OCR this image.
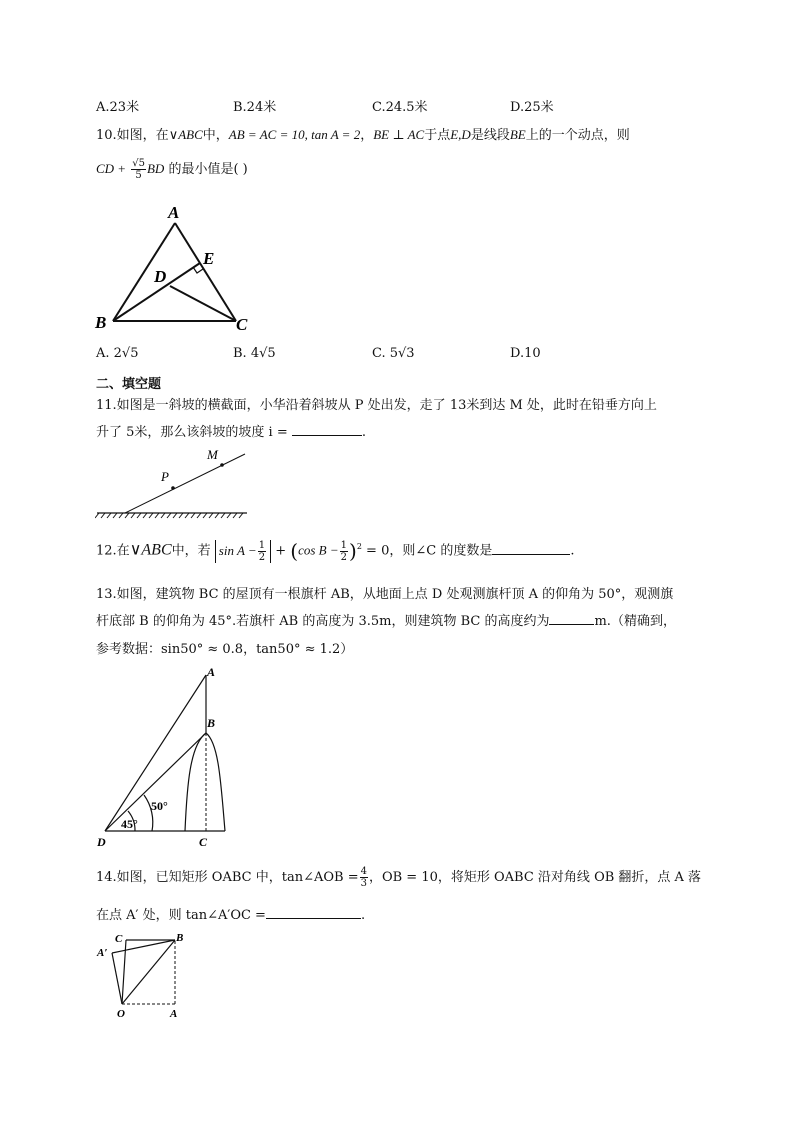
A.23米	B.24米	C.24.5米	D.25米
10.如图，在∨ABC中，AB = AC = 10, tan A = 2，BE ⊥ AC于点E,D是线段BE上的一个动点，则
CD + $\frac{√5}{5}$ BD 的最小值是( )
A
B	C
D
E
A. 2√5	B. 4√5	C. 5√3	D.10
二、填空题
11.如图是一斜坡的横截面，小华沿着斜坡从 P 处出发，走了 13米到达 M 处，此时在铅垂方向上
升了 5米，那么该斜坡的坡度 i =	.
P
M
12.在∨ABC中，若 $\sin A - \frac{1}{2} + (\cos$ $B - \frac{1}{2} )^2 = 0$，则∠C 的度数是	.
13.如图，建筑物 BC 的屋顶有一根旗杆 AB，从地面上点 D 处观测旗杆顶 A 的仰角为 50°，观测旗
杆底部 B 的仰角为 45°.若旗杆 AB 的高度为 3.5m，则建筑物 BC 的高度约为	m.（精确到，
参考数据：sin50° ≈ 0.8，tan50° ≈ 1.2）
A
B
C
D
50°
45°
14.如图，已知矩形 OABC 中，tan∠AOB = $\frac{4}{3}$ ，OB = 10，将矩形 OABC 沿对角线 OB 翻折，点 A 落
在点 A′ 处，则 tan∠A′OC =	.
C	B
A′
O	A
